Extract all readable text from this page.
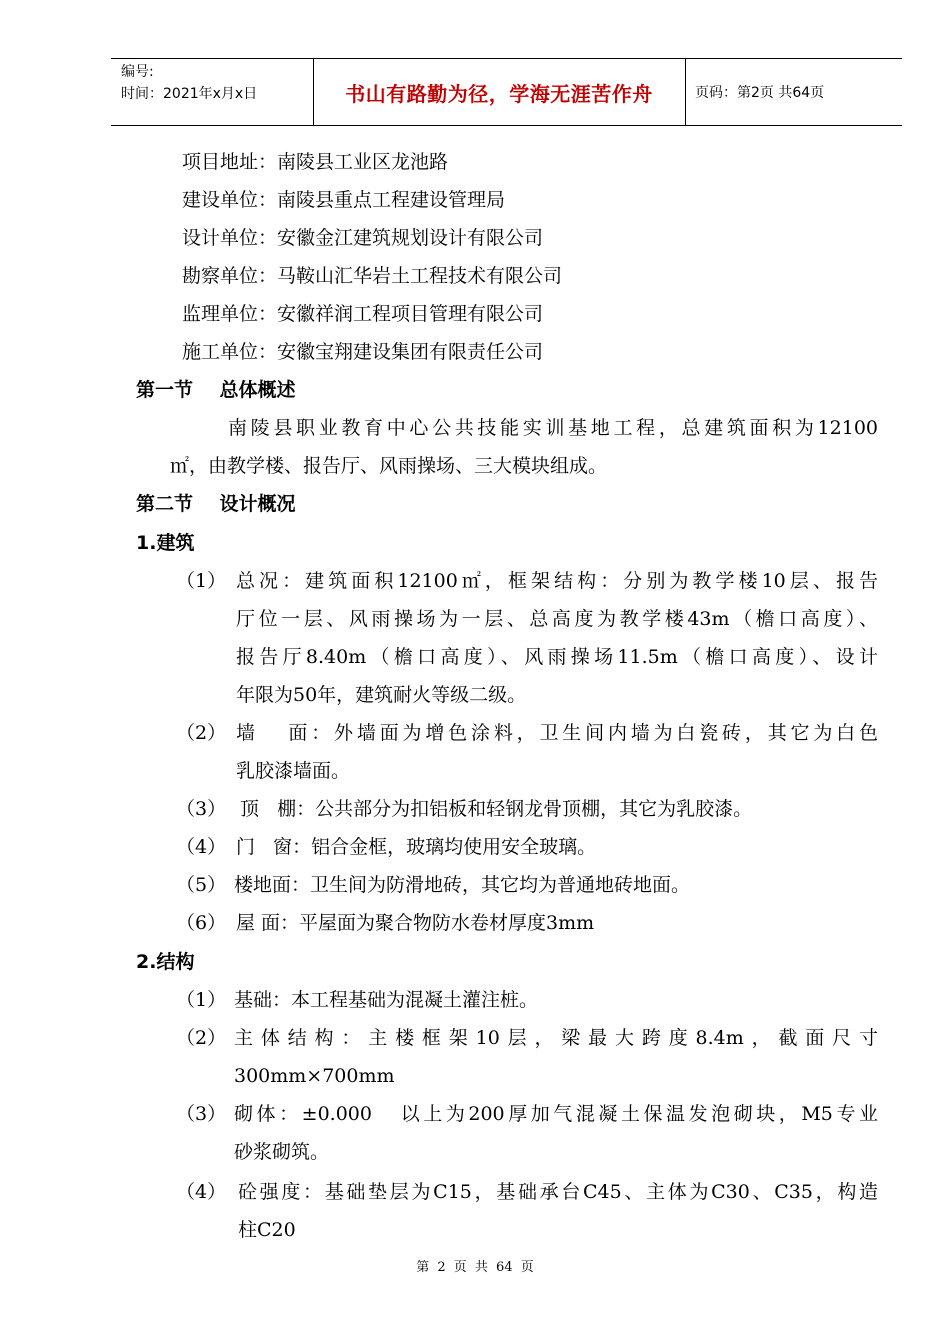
编号:
时间：2021年x月x日	书山有路勤为径，学海无涯苦作舟	页码：第2页 共64页
项目地址：南陵县工业区龙池路
建设单位：南陵县重点工程建设管理局
设计单位：安徽金江建筑规划设计有限公司
勘察单位：马鞍山汇华岩土工程技术有限公司
监理单位：安徽祥润工程项目管理有限公司
施工单位：安徽宝翔建设集团有限责任公司
第一节    总体概述
南陵县职业教育中心公共技能实训基地工程，总建筑面积为12100
㎡，由教学楼、报告厅、风雨操场、三大模块组成。
第二节    设计概况
1.建筑
（1） 总况：建筑面积12100㎡，框架结构：分别为教学楼10层、报告
厅位一层、风雨操场为一层、总高度为教学楼43m（檐口高度）、
报告厅8.40m（檐口高度）、风雨操场11.5m（檐口高度）、设计
年限为50年，建筑耐火等级二级。
（2） 墙   面：外墙面为增色涂料，卫生间内墙为白瓷砖，其它为白色
乳胶漆墙面。
（3） 顶   棚：公共部分为扣铝板和轻钢龙骨顶棚，其它为乳胶漆。
（4） 门   窗：铝合金框，玻璃均使用安全玻璃。
（5） 楼地面：卫生间为防滑地砖，其它均为普通地砖地面。
（6） 屋 面：平屋面为聚合物防水卷材厚度3mm
2.结构
（1） 基础：本工程基础为混凝土灌注桩。
（2） 主体结构：主楼框架10层，梁最大跨度8.4m，截面尺寸
300mm×700mm
（3） 砌体：±0.000   以上为200厚加气混凝土保温发泡砌块，M5专业
砂浆砌筑。
（4） 砼强度：基础垫层为C15，基础承台C45、主体为C30、C35，构造
柱C20
第 2 页 共 64 页
